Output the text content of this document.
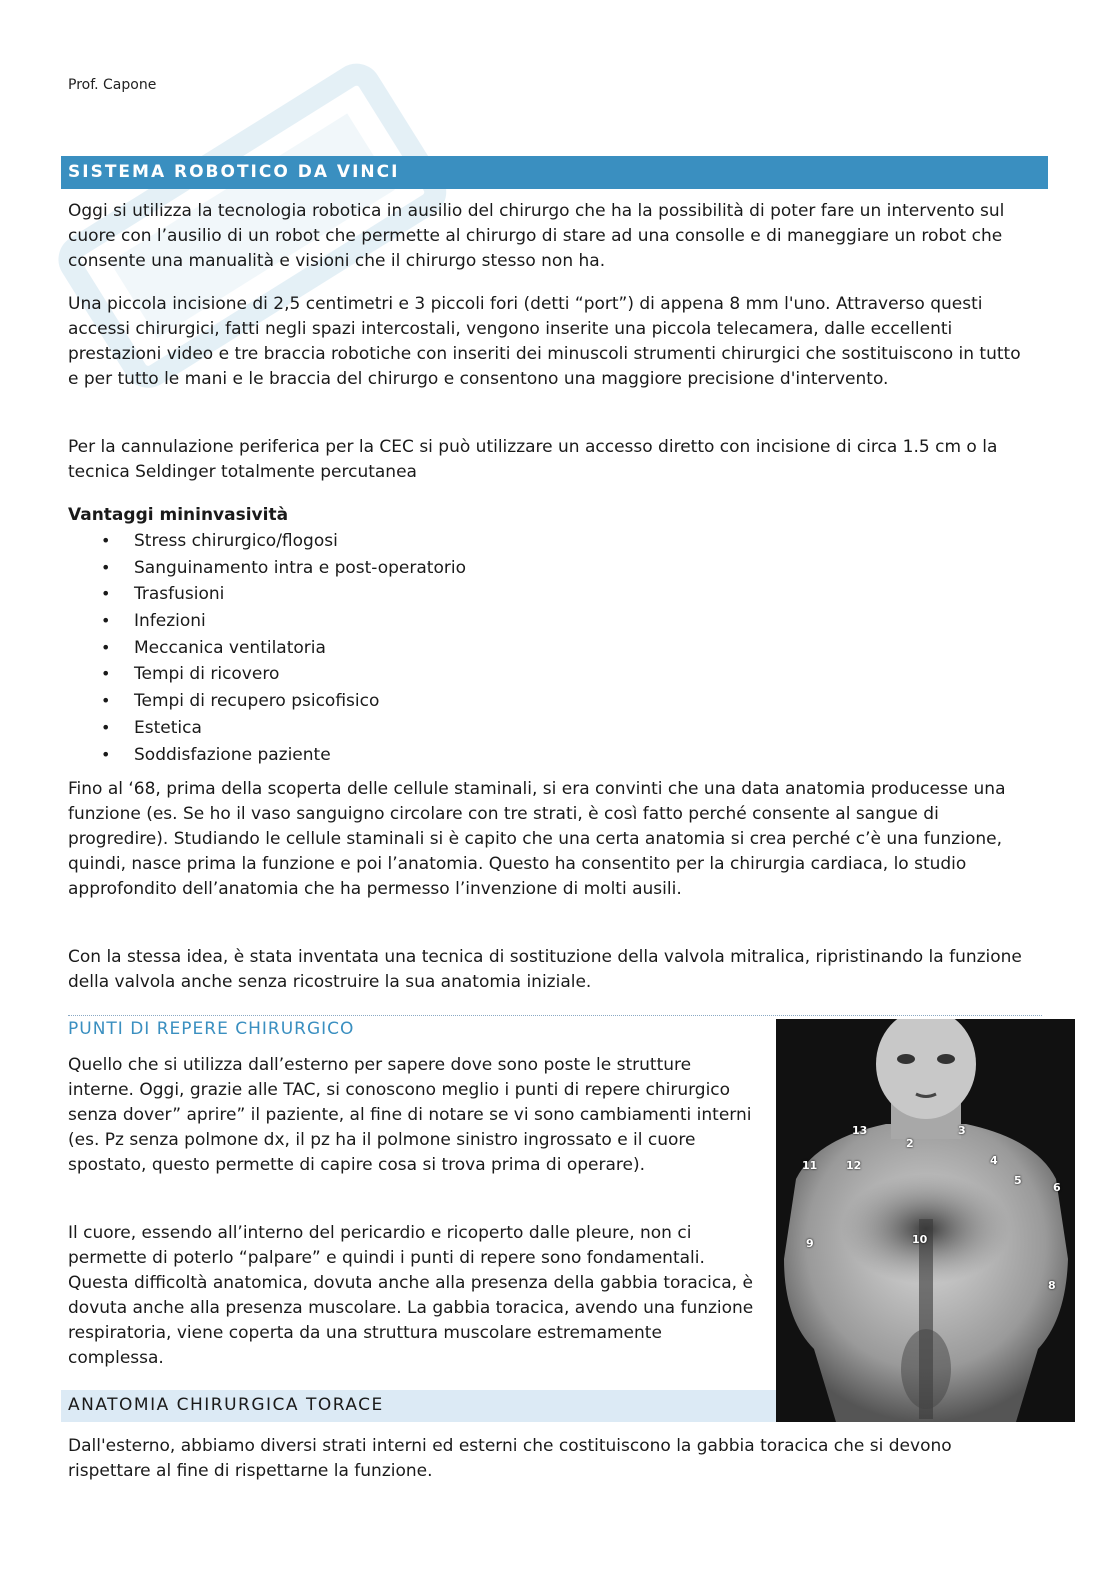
Prof. Capone
SISTEMA ROBOTICO DA VINCI

Oggi si utilizza la tecnologia robotica in ausilio del chirurgo che ha la possibilità di poter fare un intervento sul cuore con l’ausilio di un robot che permette al chirurgo di stare ad una consolle e di maneggiare un robot che consente una manualità e visioni che il chirurgo stesso non ha.

Una piccola incisione di 2,5 centimetri e 3 piccoli fori (detti “port”) di appena 8 mm l'uno. Attraverso questi accessi chirurgici, fatti negli spazi intercostali, vengono inserite una piccola telecamera, dalle eccellenti prestazioni video e tre braccia robotiche con inseriti dei minuscoli strumenti chirurgici che sostituiscono in tutto e per tutto le mani e le braccia del chirurgo e consentono una maggiore precisione d'intervento.

Per la cannulazione periferica per la CEC si può utilizzare un accesso diretto con incisione di circa 1.5 cm o la tecnica Seldinger totalmente percutanea

Vantaggi mininvasività

• Stress chirurgico/flogosi
• Sanguinamento intra e post-operatorio
• Trasfusioni
• Infezioni
• Meccanica ventilatoria
• Tempi di ricovero
• Tempi di recupero psicofisico
• Estetica
• Soddisfazione paziente

Fino al ‘68, prima della scoperta delle cellule staminali, si era convinti che una data anatomia producesse una funzione (es. Se ho il vaso sanguigno circolare con tre strati, è così fatto perché consente al sangue di progredire). Studiando le cellule staminali si è capito che una certa anatomia si crea perché c’è una funzione, quindi, nasce prima la funzione e poi l’anatomia. Questo ha consentito per la chirurgia cardiaca, lo studio approfondito dell’anatomia che ha permesso l’invenzione di molti ausili.

Con la stessa idea, è stata inventata una tecnica di sostituzione della valvola mitralica, ripristinando la funzione della valvola anche senza ricostruire la sua anatomia iniziale.

PUNTI DI REPERE CHIRURGICO

Quello che si utilizza dall’esterno per sapere dove sono poste le strutture interne. Oggi, grazie alle TAC, si conoscono meglio i punti di repere chirurgico senza dover” aprire” il paziente, al fine di notare se vi sono cambiamenti interni (es. Pz senza polmone dx, il pz ha il polmone sinistro ingrossato e il cuore spostato, questo permette di capire cosa si trova prima di operare).

Il cuore, essendo all’interno del pericardio e ricoperto dalle pleure, non ci permette di poterlo “palpare” e quindi i punti di repere sono fondamentali. Questa difficoltà anatomica, dovuta anche alla presenza della gabbia toracica, è dovuta anche alla presenza muscolare. La gabbia toracica, avendo una funzione respiratoria, viene coperta da una struttura muscolare estremamente complessa.

13
2
3
4
11	12
5
6
9	10
8
ANATOMIA CHIRURGICA TORACE

Dall'esterno, abbiamo diversi strati interni ed esterni che costituiscono la gabbia toracica che si devono rispettare al fine di rispettarne la funzione.
